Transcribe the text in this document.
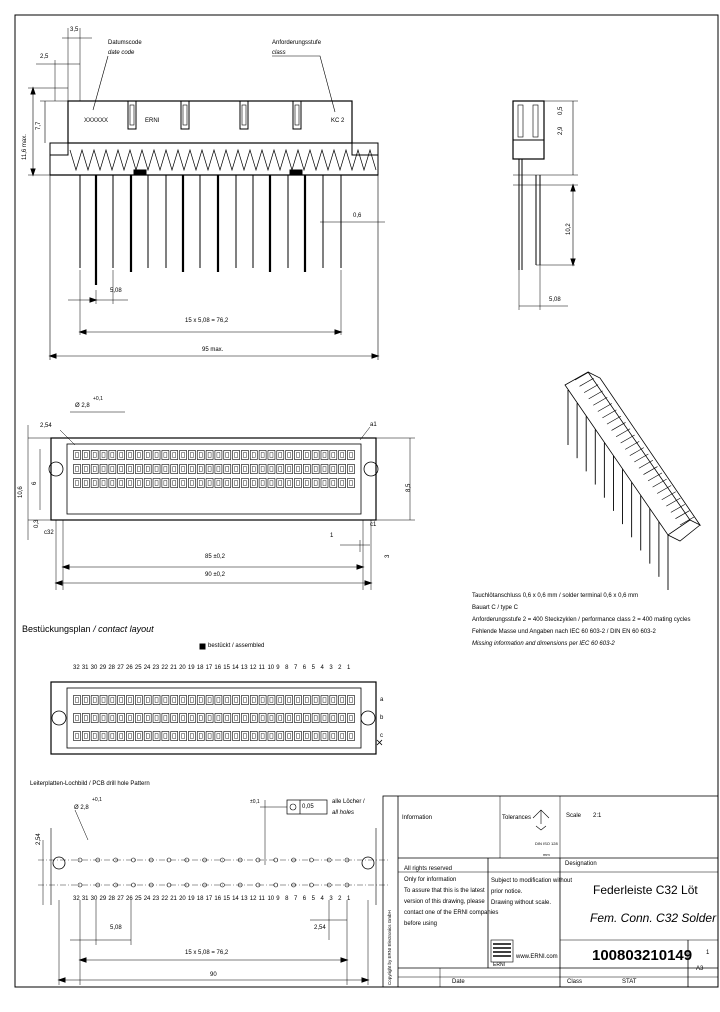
3,5
2,5
11,6 max.
7,7
Datumscode
date code
Anforderungsstufe
class
XXXXXX	ERNI	KC 2
0,6
5,08
15 x 5,08 = 76,2
95 max.
2,9
0,5
10,2
5,08
Ø 2,8
+0,1
2,54	a1
c32
c1
10,6
6
8,5
0,3
1
3
85 ±0,2
90 ±0,2
Tauchlötanschluss 0,6 x 0,6 mm / solder terminal 0,6 x 0,6 mm
Bauart C / type C
Anforderungsstufe 2 = 400 Steckzyklen / performance class 2 = 400 mating cycles
Fehlende Masse und Angaben nach IEC 60 603-2 / DIN EN 60 603-2
Missing information and dimensions per IEC 60 603-2
Bestückungsplan / contact layout
bestückt / assembled
32 31 30 29 28 27 26 25 24 23 22 21 20 19 18 17 16 15 14 13 12 11 10 9 8 7 6 5 4 3 2 1
a
b
c
Leiterplatten-Lochbild / PCB drill hole Pattern
Ø 2,8
+0,1	±0,1
0,05
alle Löcher /
all holes
2,54
32 31 30 29 28 27 26 25 24 23 22 21 20 19 18 17 16 15 14 13 12 11 10 9 8 7 6 5 4 3 2 1
5,08	2,54
15 x 5,08 = 76,2
90
Information	Tolerances	Scale 2:1
DIN ISO 128
mm
All rights reserved
Only for information
To assure that this is the latest
version of this drawing, please
contact one of the ERNI companies
before using
Subject to modification without
prior notice.
Drawing without scale.
Designation
Federleiste C32 Löt
Fem. Conn. C32 Solder
ERNI
www.ERNI.com 100803210149 1
A3
Class	STAT
Date
Copyright by ERNI Electronics GmbH
